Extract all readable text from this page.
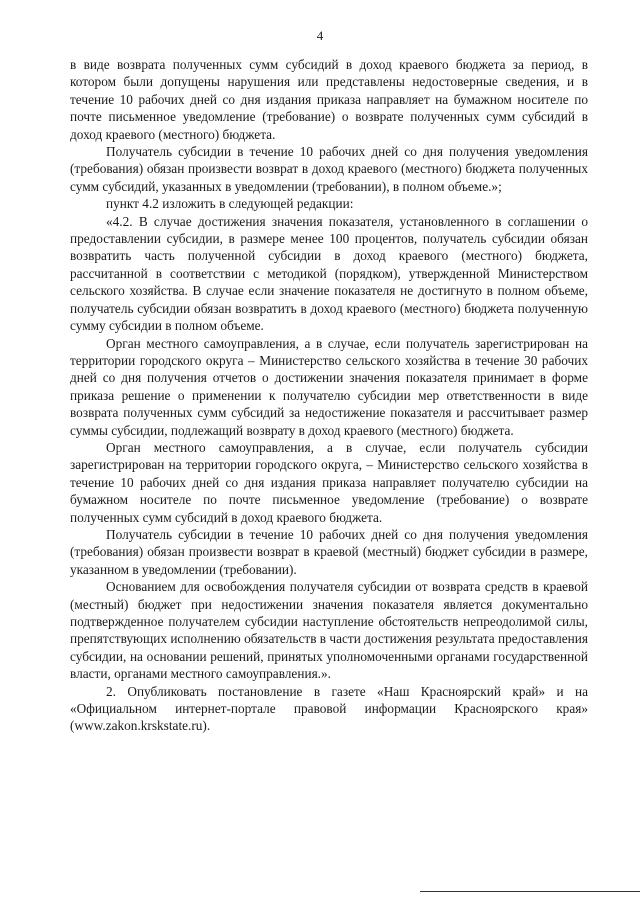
4

в виде возврата полученных сумм субсидий в доход краевого бюджета за период, в котором были допущены нарушения или представлены недостоверные сведения, и в течение 10 рабочих дней со дня издания приказа направляет на бумажном носителе по почте письменное уведомление (требование) о возврате полученных сумм субсидий в доход краевого (местного) бюджета.

Получатель субсидии в течение 10 рабочих дней со дня получения уведомления (требования) обязан произвести возврат в доход краевого (местного) бюджета полученных сумм субсидий, указанных в уведомлении (требовании), в полном объеме.»;

пункт 4.2 изложить в следующей редакции:

«4.2. В случае достижения значения показателя, установленного в соглашении о предоставлении субсидии, в размере менее 100 процентов, получатель субсидии обязан возвратить часть полученной субсидии в доход краевого (местного) бюджета, рассчитанной в соответствии с методикой (порядком), утвержденной Министерством сельского хозяйства. В случае если значение показателя не достигнуто в полном объеме, получатель субсидии обязан возвратить в доход краевого (местного) бюджета полученную сумму субсидии в полном объеме.

Орган местного самоуправления, а в случае, если получатель зарегистрирован на территории городского округа – Министерство сельского хозяйства в течение 30 рабочих дней со дня получения отчетов о достижении значения показателя принимает в форме приказа решение о применении к получателю субсидии мер ответственности в виде возврата полученных сумм субсидий за недостижение показателя и рассчитывает размер суммы субсидии, подлежащий возврату в доход краевого (местного) бюджета.

Орган местного самоуправления, а в случае, если получатель субсидии зарегистрирован на территории городского округа, – Министерство сельского хозяйства в течение 10 рабочих дней со дня издания приказа направляет получателю субсидии на бумажном носителе по почте письменное уведомление (требование) о возврате полученных сумм субсидий в доход краевого бюджета.

Получатель субсидии в течение 10 рабочих дней со дня получения уведомления (требования) обязан произвести возврат в краевой (местный) бюджет субсидии в размере, указанном в уведомлении (требовании).

Основанием для освобождения получателя субсидии от возврата средств в краевой (местный) бюджет при недостижении значения показателя является документально подтвержденное получателем субсидии наступление обстоятельств непреодолимой силы, препятствующих исполнению обязательств в части достижения результата предоставления субсидии, на основании решений, принятых уполномоченными органами государственной власти, органами местного самоуправления.».

2. Опубликовать постановление в газете «Наш Красноярский край» и на «Официальном интернет-портале правовой информации Красноярского края» (www.zakon.krskstate.ru).
